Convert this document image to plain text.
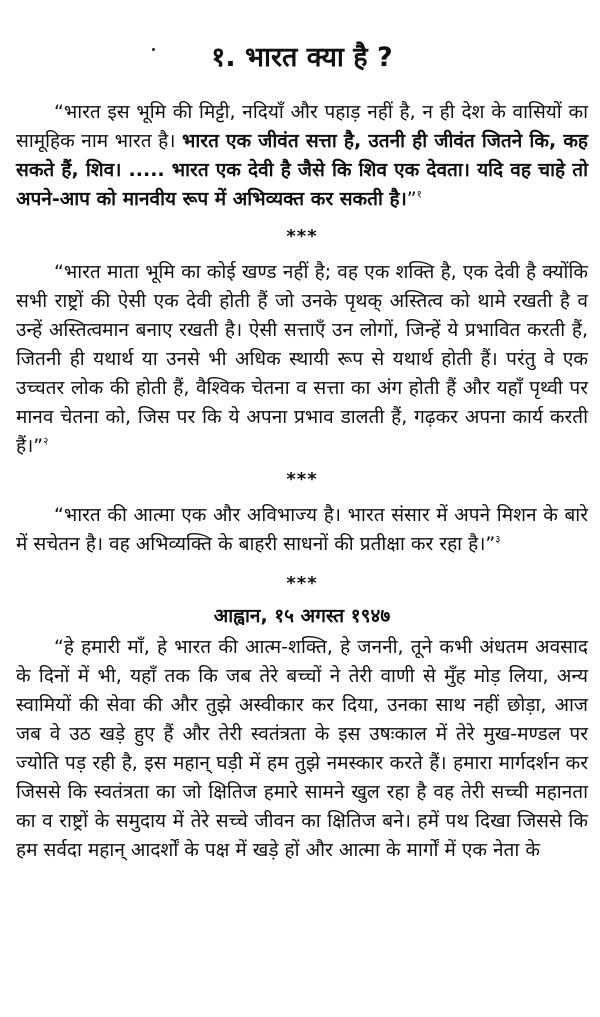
१. भारत क्या है ?

“भारत इस भूमि की मिट्टी, नदियाँ और पहाड़ नहीं है, न ही देश के वासियों का सामूहिक नाम भारत है। भारत एक जीवंत सत्ता है, उतनी ही जीवंत जितने कि, कह सकते हैं, शिव। ..... भारत एक देवी है जैसे कि शिव एक देवता। यदि वह चाहे तो अपने-आप को मानवीय रूप में अभिव्यक्त कर सकती है।”$^१$

***

“भारत माता भूमि का कोई खण्ड नहीं है; वह एक शक्ति है, एक देवी है क्योंकि सभी राष्ट्रों की ऐसी एक देवी होती हैं जो उनके पृथक् अस्तित्व को थामे रखती है व उन्हें अस्तित्वमान बनाए रखती है। ऐसी सत्ताएँ उन लोगों, जिन्हें ये प्रभावित करती हैं, जितनी ही यथार्थ या उनसे भी अधिक स्थायी रूप से यथार्थ होती हैं। परंतु वे एक उच्चतर लोक की होती हैं, वैश्विक चेतना व सत्ता का अंग होती हैं और यहाँ पृथ्वी पर मानव चेतना को, जिस पर कि ये अपना प्रभाव डालती हैं, गढ़कर अपना कार्य करती हैं।”$^२$

***

“भारत की आत्मा एक और अविभाज्य है। भारत संसार में अपने मिशन के बारे में सचेतन है। वह अभिव्यक्ति के बाहरी साधनों की प्रतीक्षा कर रहा है।”$^३$

***
आह्वान, १५ अगस्त १९४७

“हे हमारी माँ, हे भारत की आत्म-शक्ति, हे जननी, तूने कभी अंधतम अवसाद के दिनों में भी, यहाँ तक कि जब तेरे बच्चों ने तेरी वाणी से मुँह मोड़ लिया, अन्य स्वामियों की सेवा की और तुझे अस्वीकार कर दिया, उनका साथ नहीं छोड़ा, आज जब वे उठ खड़े हुए हैं और तेरी स्वतंत्रता के इस उषःकाल में तेरे मुख-मण्डल पर ज्योति पड़ रही है, इस महान् घड़ी में हम तुझे नमस्कार करते हैं। हमारा मार्गदर्शन कर जिससे कि स्वतंत्रता का जो क्षितिज हमारे सामने खुल रहा है वह तेरी सच्ची महानता का व राष्ट्रों के समुदाय में तेरे सच्चे जीवन का क्षितिज बने। हमें पथ दिखा जिससे कि हम सर्वदा महान् आदर्शों के पक्ष में खड़े हों और आत्मा के मार्गों में एक नेता के
